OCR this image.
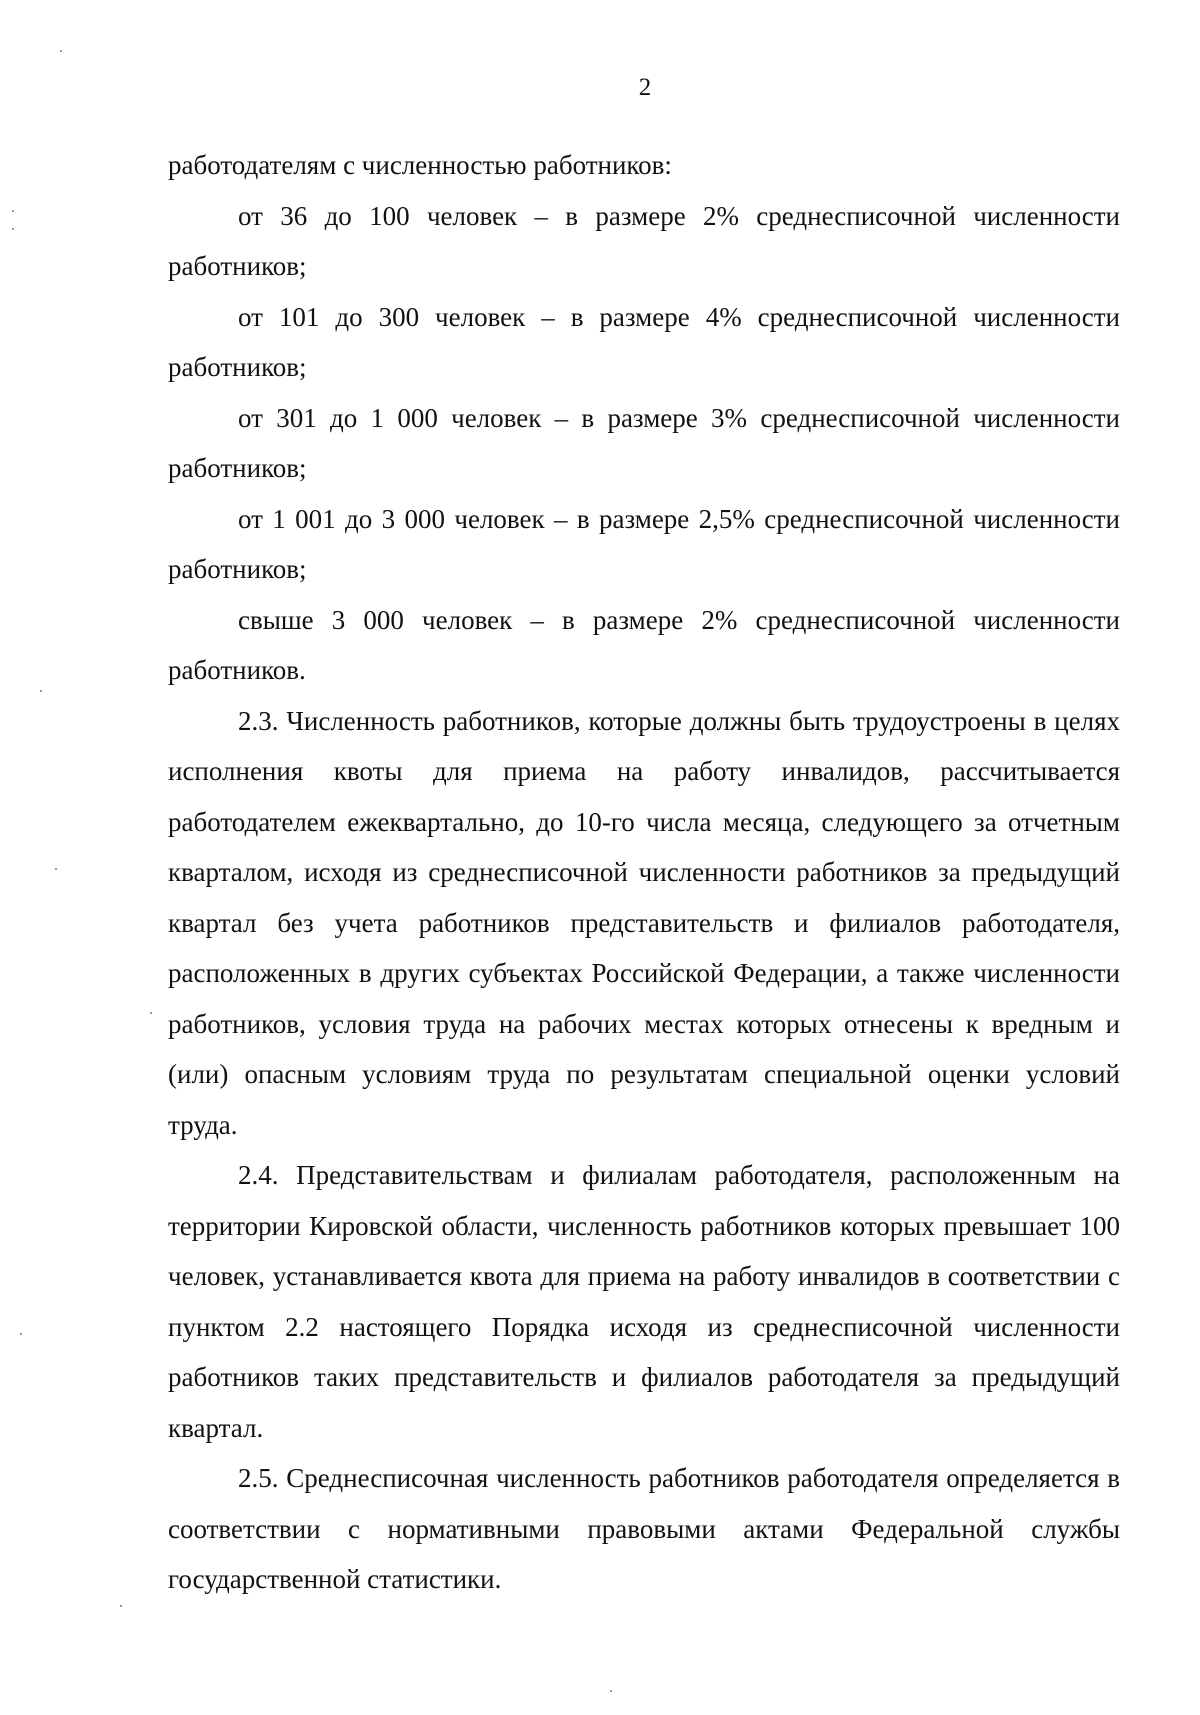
2

работодателям с численностью работников:

от 36 до 100 человек – в размере 2% среднесписочной численности работников;

от 101 до 300 человек – в размере 4% среднесписочной численности работников;

от 301 до 1 000 человек – в размере 3% среднесписочной численности работников;

от 1 001 до 3 000 человек – в размере 2,5% среднесписочной численности работников;

свыше 3 000 человек – в размере 2% среднесписочной численности работников.

2.3. Численность работников, которые должны быть трудоустроены в целях исполнения квоты для приема на работу инвалидов, рассчитывается работодателем ежеквартально, до 10-го числа месяца, следующего за отчетным кварталом, исходя из среднесписочной численности работников за предыдущий квартал без учета работников представительств и филиалов работодателя, расположенных в других субъектах Российской Федерации, а также численности работников, условия труда на рабочих местах которых отнесены к вредным и (или) опасным условиям труда по результатам специальной оценки условий труда.

2.4. Представительствам и филиалам работодателя, расположенным на территории Кировской области, численность работников которых превышает 100 человек, устанавливается квота для приема на работу инвалидов в соответствии с пунктом 2.2 настоящего Порядка исходя из среднесписочной численности работников таких представительств и филиалов работодателя за предыдущий квартал.

2.5. Среднесписочная численность работников работодателя определяется в соответствии с нормативными правовыми актами Федеральной службы государственной статистики.
